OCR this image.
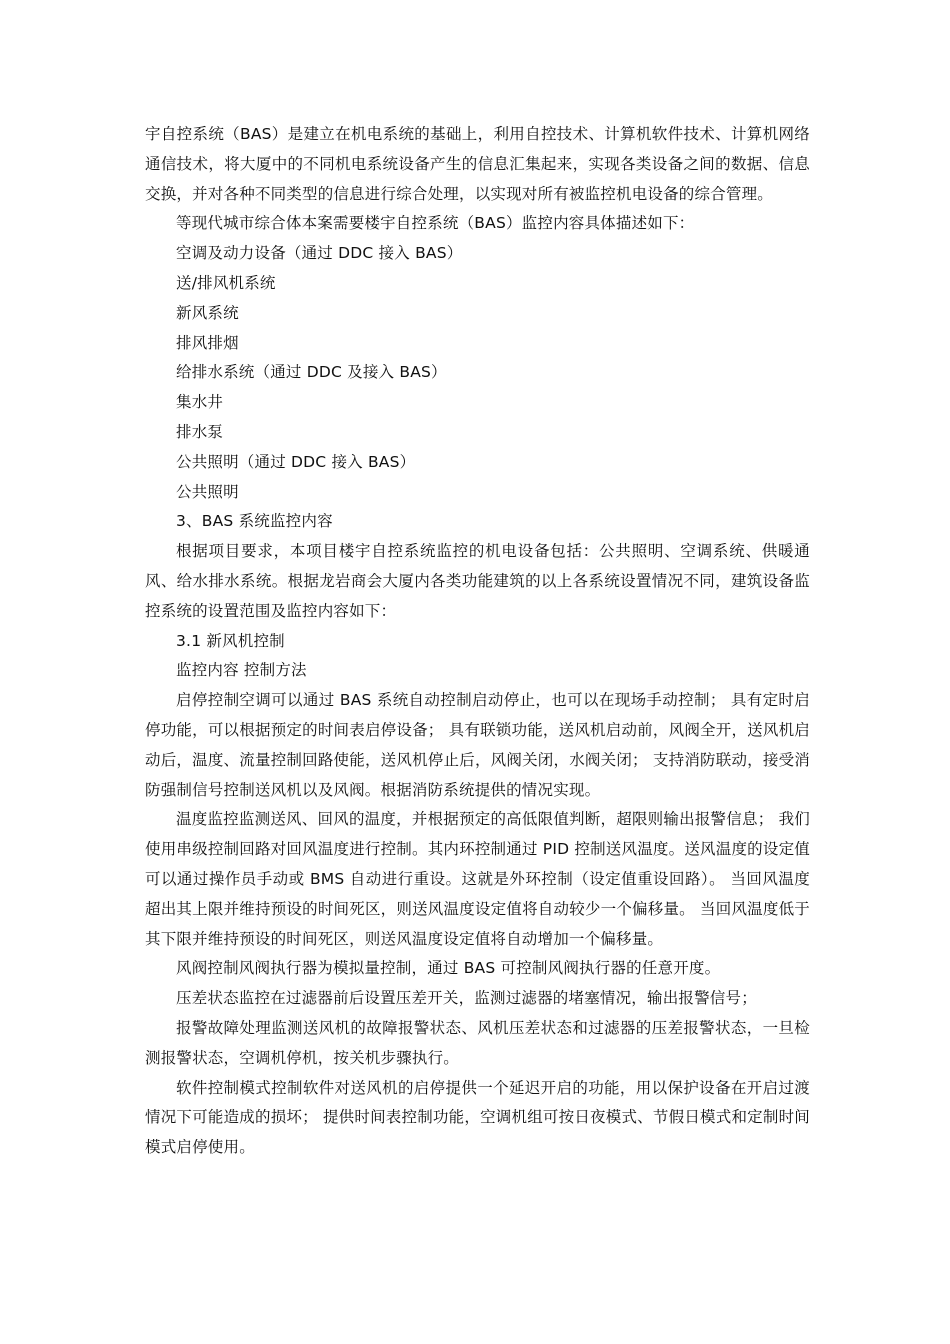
宇自控系统（BAS）是建立在机电系统的基础上，利用自控技术、计算机软件技术、计算机网络通信技术，将大厦中的不同机电系统设备产生的信息汇集起来，实现各类设备之间的数据、信息交换，并对各种不同类型的信息进行综合处理，以实现对所有被监控机电设备的综合管理。

等现代城市综合体本案需要楼宇自控系统（BAS）监控内容具体描述如下：

空调及动力设备（通过 DDC 接入 BAS）

送/排风机系统

新风系统

排风排烟

给排水系统（通过 DDC 及接入 BAS）

集水井

排水泵

公共照明（通过 DDC 接入 BAS）

公共照明

3、BAS 系统监控内容

根据项目要求，本项目楼宇自控系统监控的机电设备包括：公共照明、空调系统、供暖通风、给水排水系统。根据龙岩商会大厦内各类功能建筑的以上各系统设置情况不同，建筑设备监控系统的设置范围及监控内容如下：

3.1 新风机控制

监控内容 控制方法

启停控制空调可以通过 BAS 系统自动控制启动停止，也可以在现场手动控制； 具有定时启停功能，可以根据预定的时间表启停设备； 具有联锁功能，送风机启动前，风阀全开，送风机启动后，温度、流量控制回路使能，送风机停止后，风阀关闭，水阀关闭； 支持消防联动，接受消防强制信号控制送风机以及风阀。根据消防系统提供的情况实现。

温度监控监测送风、回风的温度，并根据预定的高低限值判断，超限则输出报警信息； 我们使用串级控制回路对回风温度进行控制。其内环控制通过 PID 控制送风温度。送风温度的设定值可以通过操作员手动或 BMS 自动进行重设。这就是外环控制（设定值重设回路）。 当回风温度超出其上限并维持预设的时间死区，则送风温度设定值将自动较少一个偏移量。 当回风温度低于其下限并维持预设的时间死区，则送风温度设定值将自动增加一个偏移量。

风阀控制风阀执行器为模拟量控制，通过 BAS 可控制风阀执行器的任意开度。

压差状态监控在过滤器前后设置压差开关，监测过滤器的堵塞情况，输出报警信号；

报警故障处理监测送风机的故障报警状态、风机压差状态和过滤器的压差报警状态，一旦检测报警状态，空调机停机，按关机步骤执行。

软件控制模式控制软件对送风机的启停提供一个延迟开启的功能，用以保护设备在开启过渡情况下可能造成的损坏； 提供时间表控制功能，空调机组可按日夜模式、节假日模式和定制时间模式启停使用。
